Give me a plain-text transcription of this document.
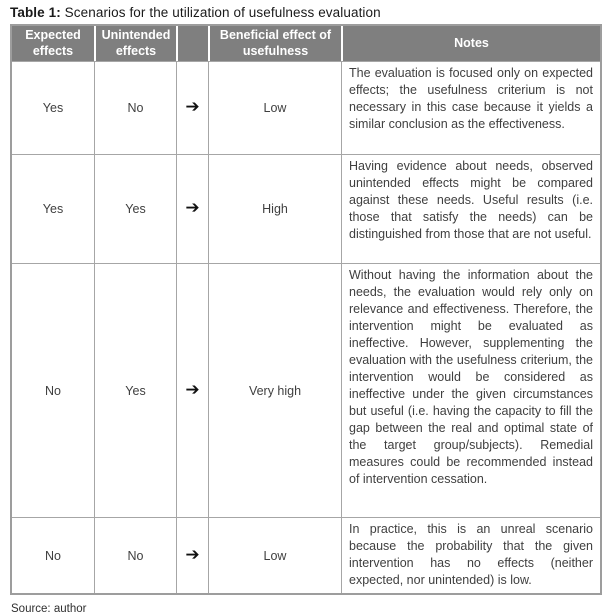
Table 1: Scenarios for the utilization of usefulness evaluation
Expected effects	Unintended effects		Beneficial effect of usefulness	Notes
Yes	No	➔	Low	The evaluation is focused only on expected effects; the usefulness criterium is not necessary in this case because it yields a similar conclusion as the effectiveness.
Yes	Yes	➔	High	Having evidence about needs, observed unintended effects might be compared against these needs. Useful results (i.e. those that satisfy the needs) can be distinguished from those that are not useful.
No	Yes	➔	Very high	Without having the information about the needs, the evaluation would rely only on relevance and effectiveness. Therefore, the intervention might be evaluated as ineffective. However, supplementing the evaluation with the usefulness criterium, the intervention would be considered as ineffective under the given circumstances but useful (i.e. having the capacity to fill the gap between the real and optimal state of the target group/subjects). Remedial measures could be recommended instead of intervention cessation.
No	No	➔	Low	In practice, this is an unreal scenario because the probability that the given intervention has no effects (neither expected, nor unintended) is low.
Source: author
